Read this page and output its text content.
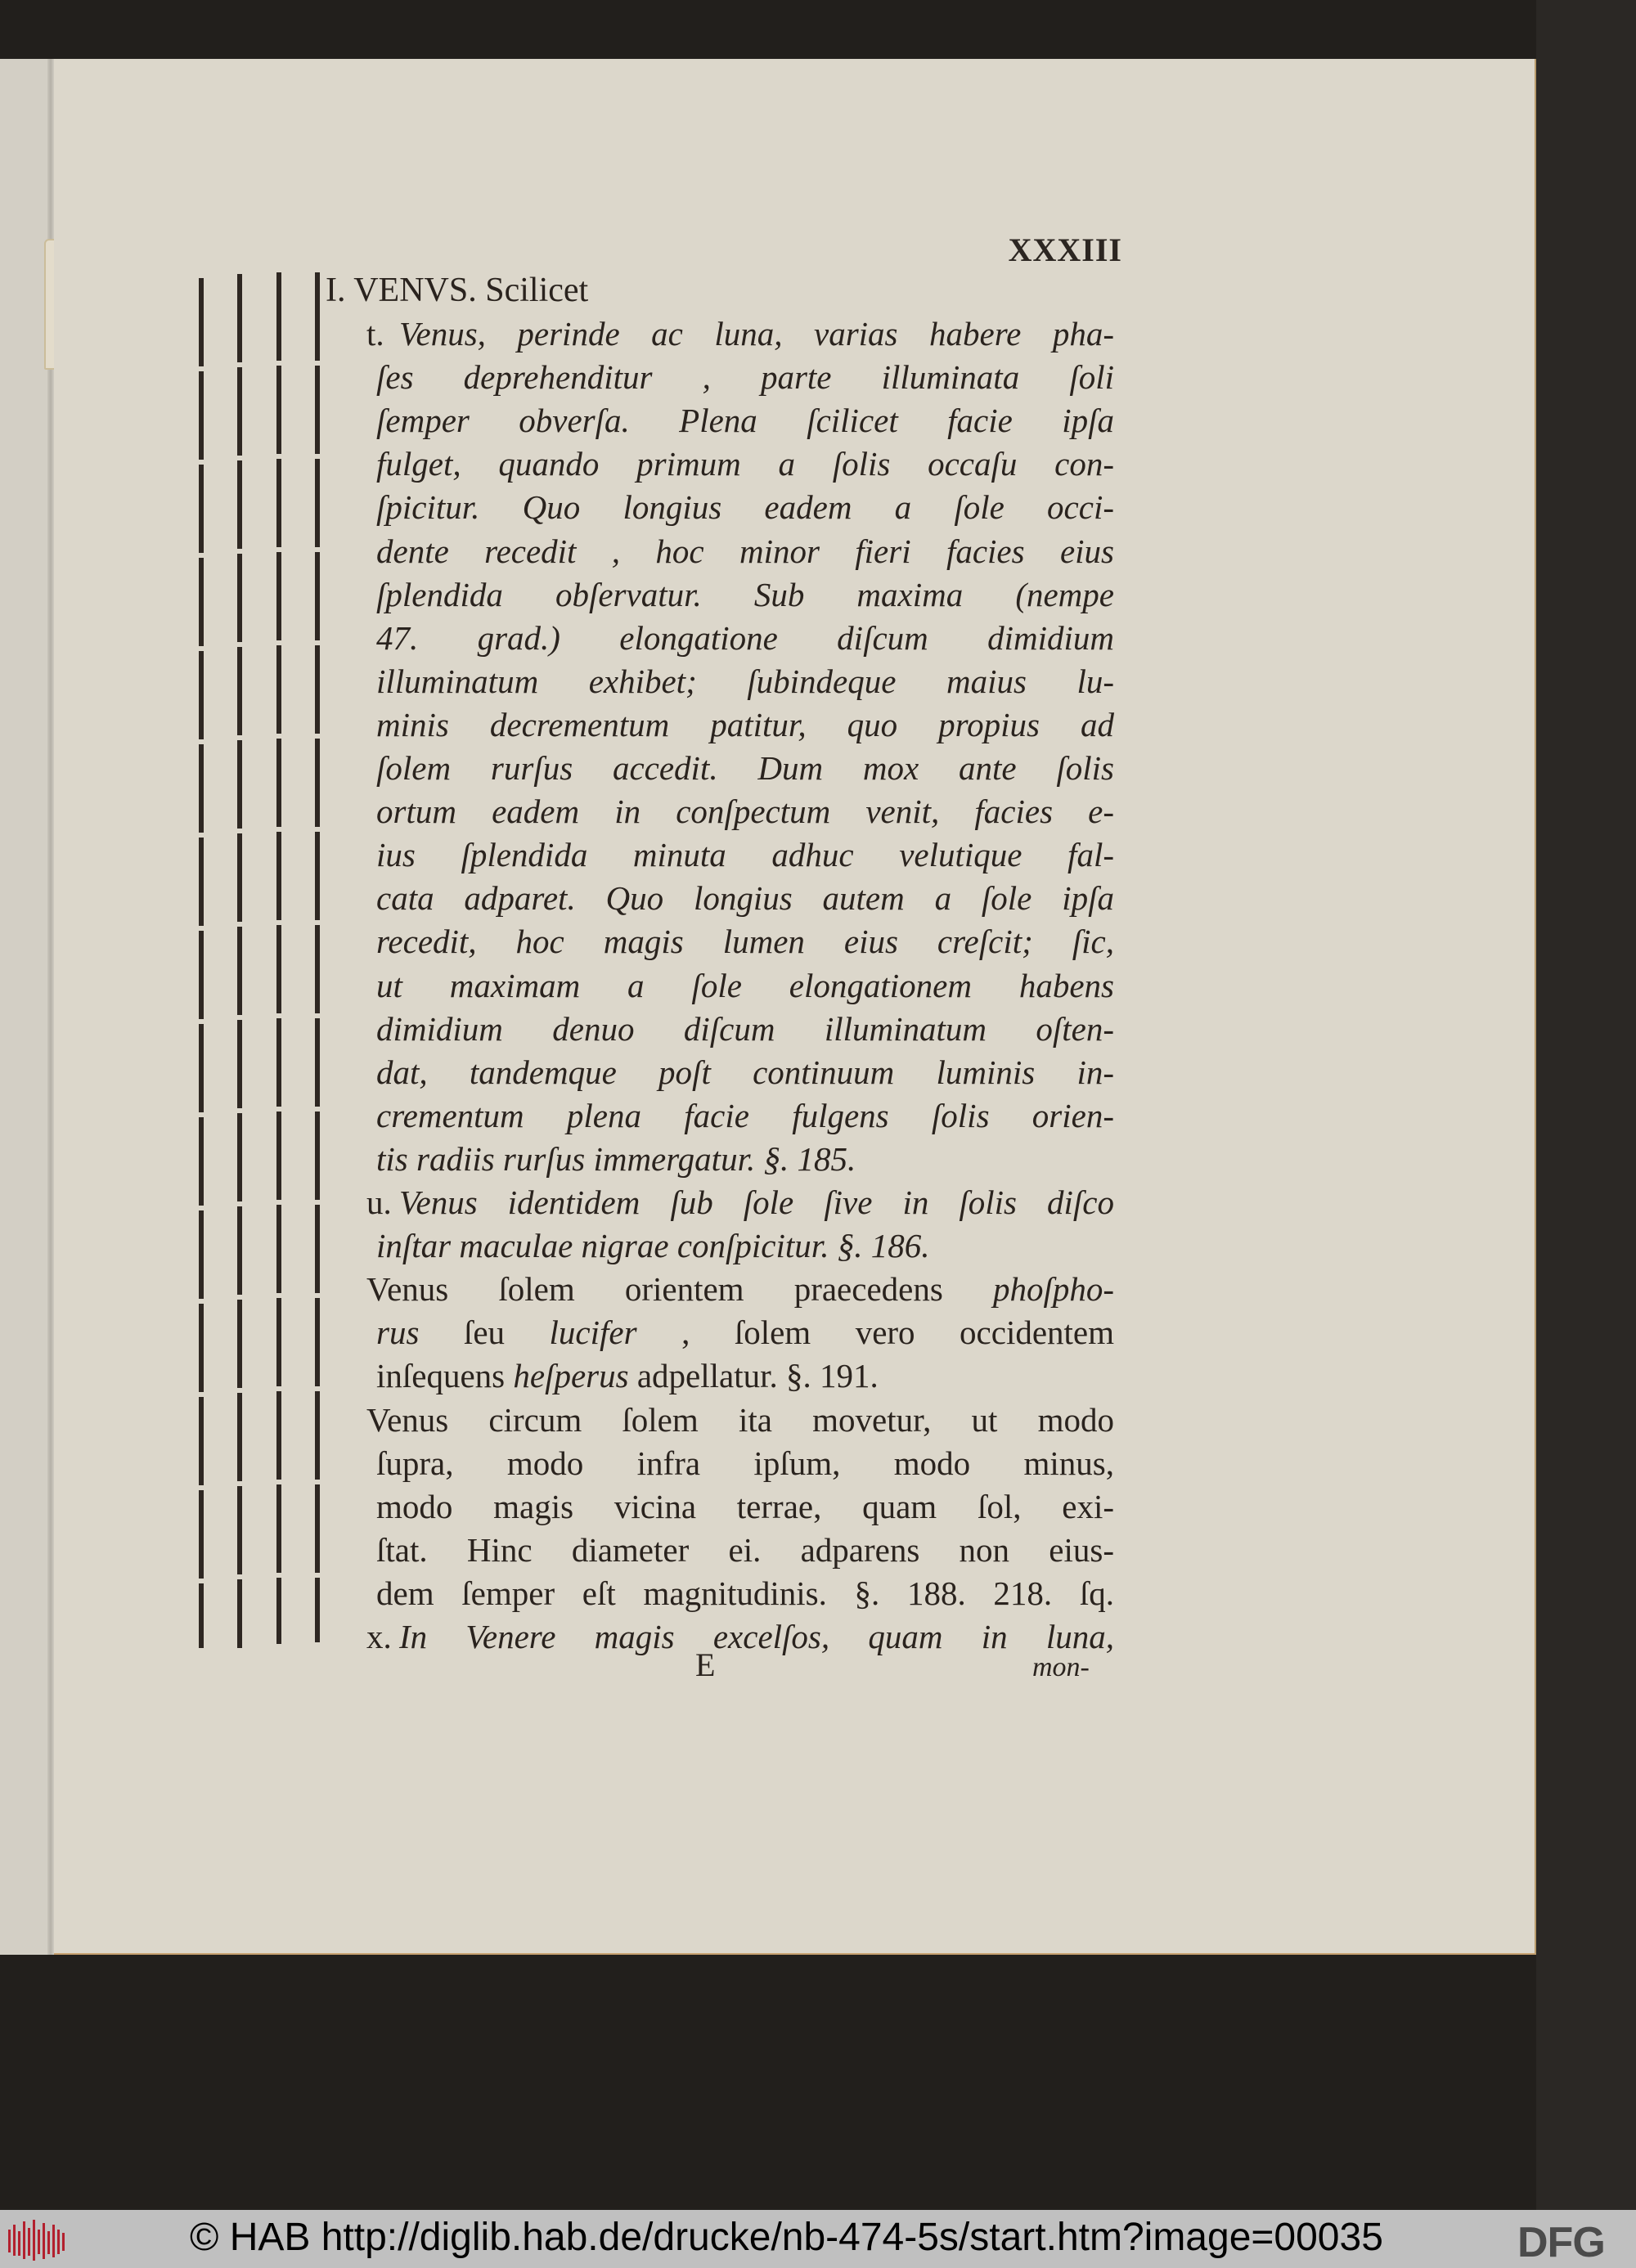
XXXIII
I. VENVS. Scilicet
t. Venus, perinde ac luna, varias habere pha-
ſes deprehenditur , parte illuminata ſoli
ſemper obverſa. Plena ſcilicet facie ipſa
fulget, quando primum a ſolis occaſu con-
ſpicitur. Quo longius eadem a ſole occi-
dente recedit , hoc minor fieri facies eius
ſplendida obſervatur. Sub maxima (nempe
47. grad.) elongatione diſcum dimidium
illuminatum exhibet; ſubindeque maius lu-
minis decrementum patitur, quo propius ad
ſolem rurſus accedit. Dum mox ante ſolis
ortum eadem in conſpectum venit, facies e-
ius ſplendida minuta adhuc velutique fal-
cata adparet. Quo longius autem a ſole ipſa
recedit, hoc magis lumen eius creſcit; ſic,
ut maximam a ſole elongationem habens
dimidium denuo diſcum illuminatum oſten-
dat, tandemque poſt continuum luminis in-
crementum plena facie fulgens ſolis orien-
tis radiis rurſus immergatur. §. 185.
u. Venus identidem ſub ſole ſive in ſolis diſco
inſtar maculae nigrae conſpicitur. §. 186.
Venus ſolem orientem praecedens phoſpho-
rus ſeu lucifer , ſolem vero occidentem
inſequens heſperus adpellatur. §. 191.
Venus circum ſolem ita movetur, ut modo
ſupra, modo infra ipſum, modo minus,
modo magis vicina terrae, quam ſol, exi-
ſtat. Hinc diameter ei. adparens non eius-
dem ſemper eſt magnitudinis. §. 188. 218. ſq.
x. In Venere magis excelſos, quam in luna,
E	mon-
© HAB http://diglib.hab.de/drucke/nb-474-5s/start.htm?image=00035	DFG
